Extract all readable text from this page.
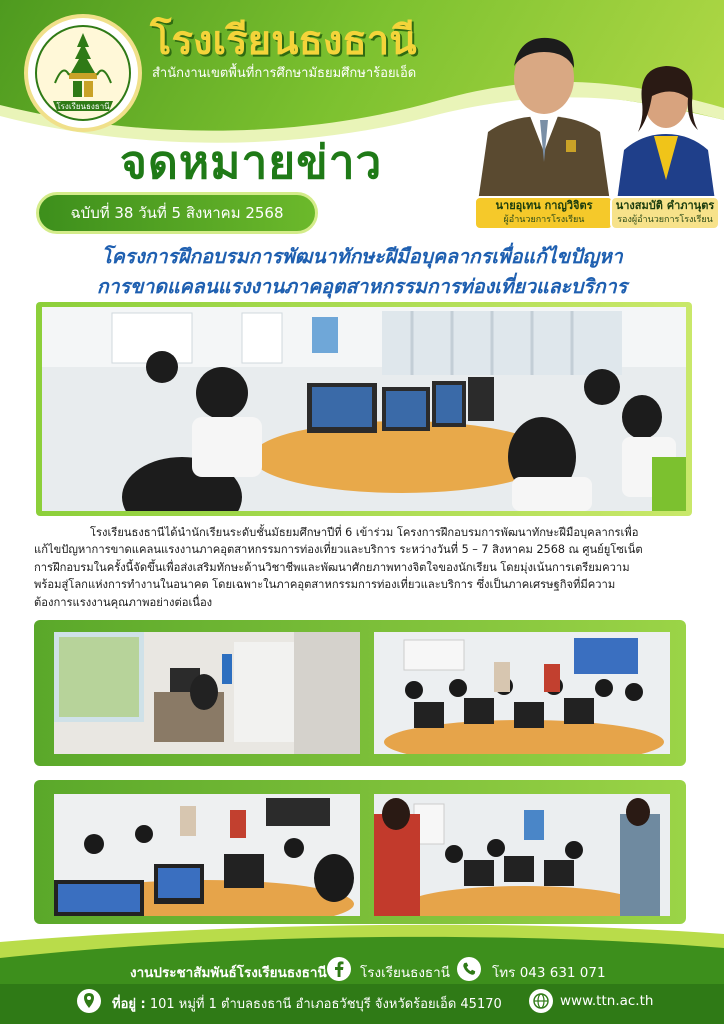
โรงเรียนธงธานี
โรงเรียนธงธานี
สำนักงานเขตพื้นที่การศึกษามัธยมศึกษาร้อยเอ็ด
จดหมายข่าว
ฉบับที่ 38 วันที่ 5 สิงหาคม 2568	นายอุเทน กาญวิจิตร
ผู้อำนวยการโรงเรียน
นางสมบัติ คำภานุตร
รองผู้อำนวยการโรงเรียน
โครงการฝึกอบรมการพัฒนาทักษะฝีมือบุคลากรเพื่อแก้ไขปัญหา
การขาดแคลนแรงงานภาคอุตสาหกรรมการท่องเที่ยวและบริการ
โรงเรียนธงธานีได้นำนักเรียนระดับชั้นมัธยมศึกษาปีที่ 6 เข้าร่วม โครงการฝึกอบรมการพัฒนาทักษะฝีมือบุคลากรเพื่อ
แก้ไขปัญหาการขาดแคลนแรงงานภาคอุตสาหกรรมการท่องเที่ยวและบริการ ระหว่างวันที่ 5 – 7 สิงหาคม 2568 ณ ศูนย์ยูโซเน็ต
การฝึกอบรมในครั้งนี้จัดขึ้นเพื่อส่งเสริมทักษะด้านวิชาชีพและพัฒนาศักยภาพทางจิตใจของนักเรียน โดยมุ่งเน้นการเตรียมความ
พร้อมสู่โลกแห่งการทำงานในอนาคต โดยเฉพาะในภาคอุตสาหกรรมการท่องเที่ยวและบริการ ซึ่งเป็นภาคเศรษฐกิจที่มีความ
ต้องการแรงงานคุณภาพอย่างต่อเนื่อง
งานประชาสัมพันธ์โรงเรียนธงธานี โรงเรียนธงธานี	โทร 043 631 071
ที่อยู่ : 101 หมู่ที่ 1 ตำบลธงธานี อำเภอธวัชบุรี จังหวัดร้อยเอ็ด 45170	www.ttn.ac.th
